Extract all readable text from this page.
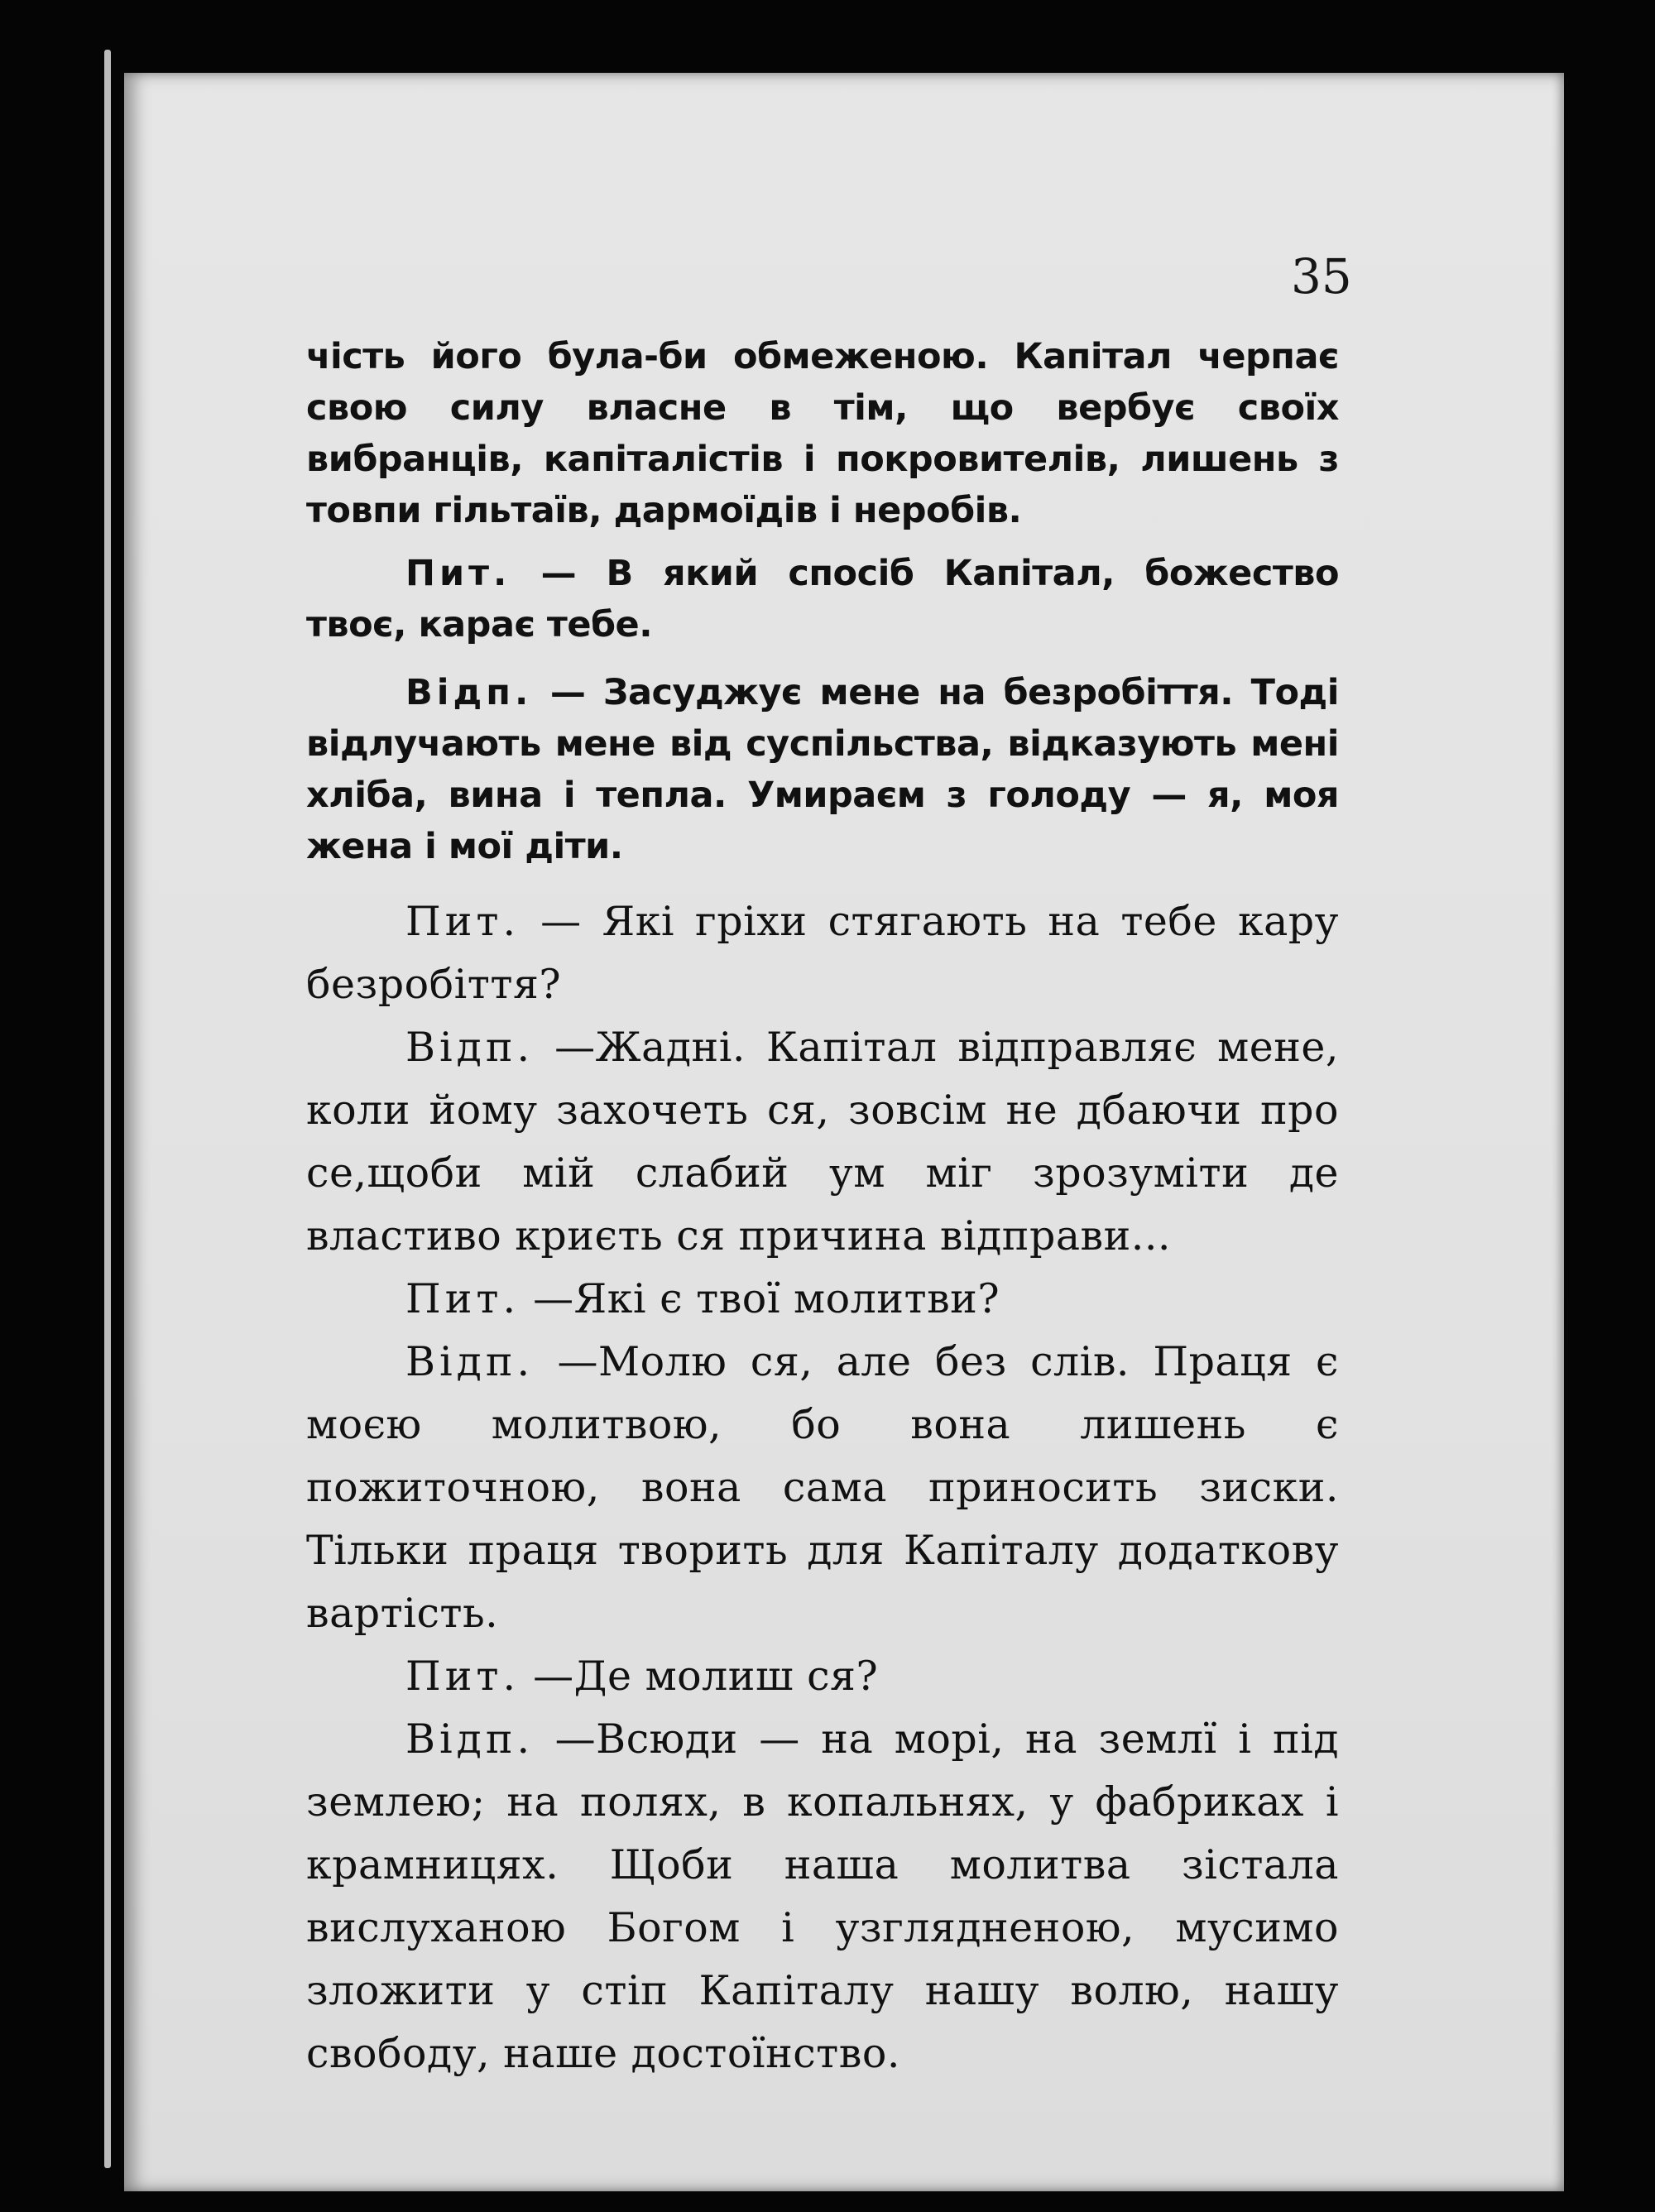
35

чість його була-би обмеженою. Капітал черпає свою силу власне в тім, що вербує своїх вибранців, капіталістів і покровителів, лишень з товпи гільтаїв, дармоїдів і неробів.

Пит. — В який спосіб Капітал, божество твоє, карає тебе.

Відп. — Засуджує мене на безробіття. Тоді відлучають мене від суспільства, відказують мені хліба, вина і тепла. Умираєм з голоду — я, моя жена і мої діти.

Пит. — Які гріхи стягають на тебе кару безробіття?

Відп. —Жадні. Капітал відправляє мене, коли йому захочеть ся, зовсім не дбаючи про се,щоби мій слабий ум міг зрозуміти де властиво криєть ся причина відправи...

Пит. —Які є твої молитви?

Відп. —Молю ся, але без слів. Праця є моєю молитвою, бо вона лишень є пожиточною, вона сама приносить зиски. Тільки праця творить для Капіталу додаткову вартість.

Пит. —Де молиш ся?

Відп. —Всюди — на морі, на землї і під землею; на полях, в копальнях, у фабриках і крамницях. Щоби наша молитва зістала вислуханою Богом і узглядненою, мусимо зложити у стіп Капіталу нашу волю, нашу свободу, наше достоїнство.
